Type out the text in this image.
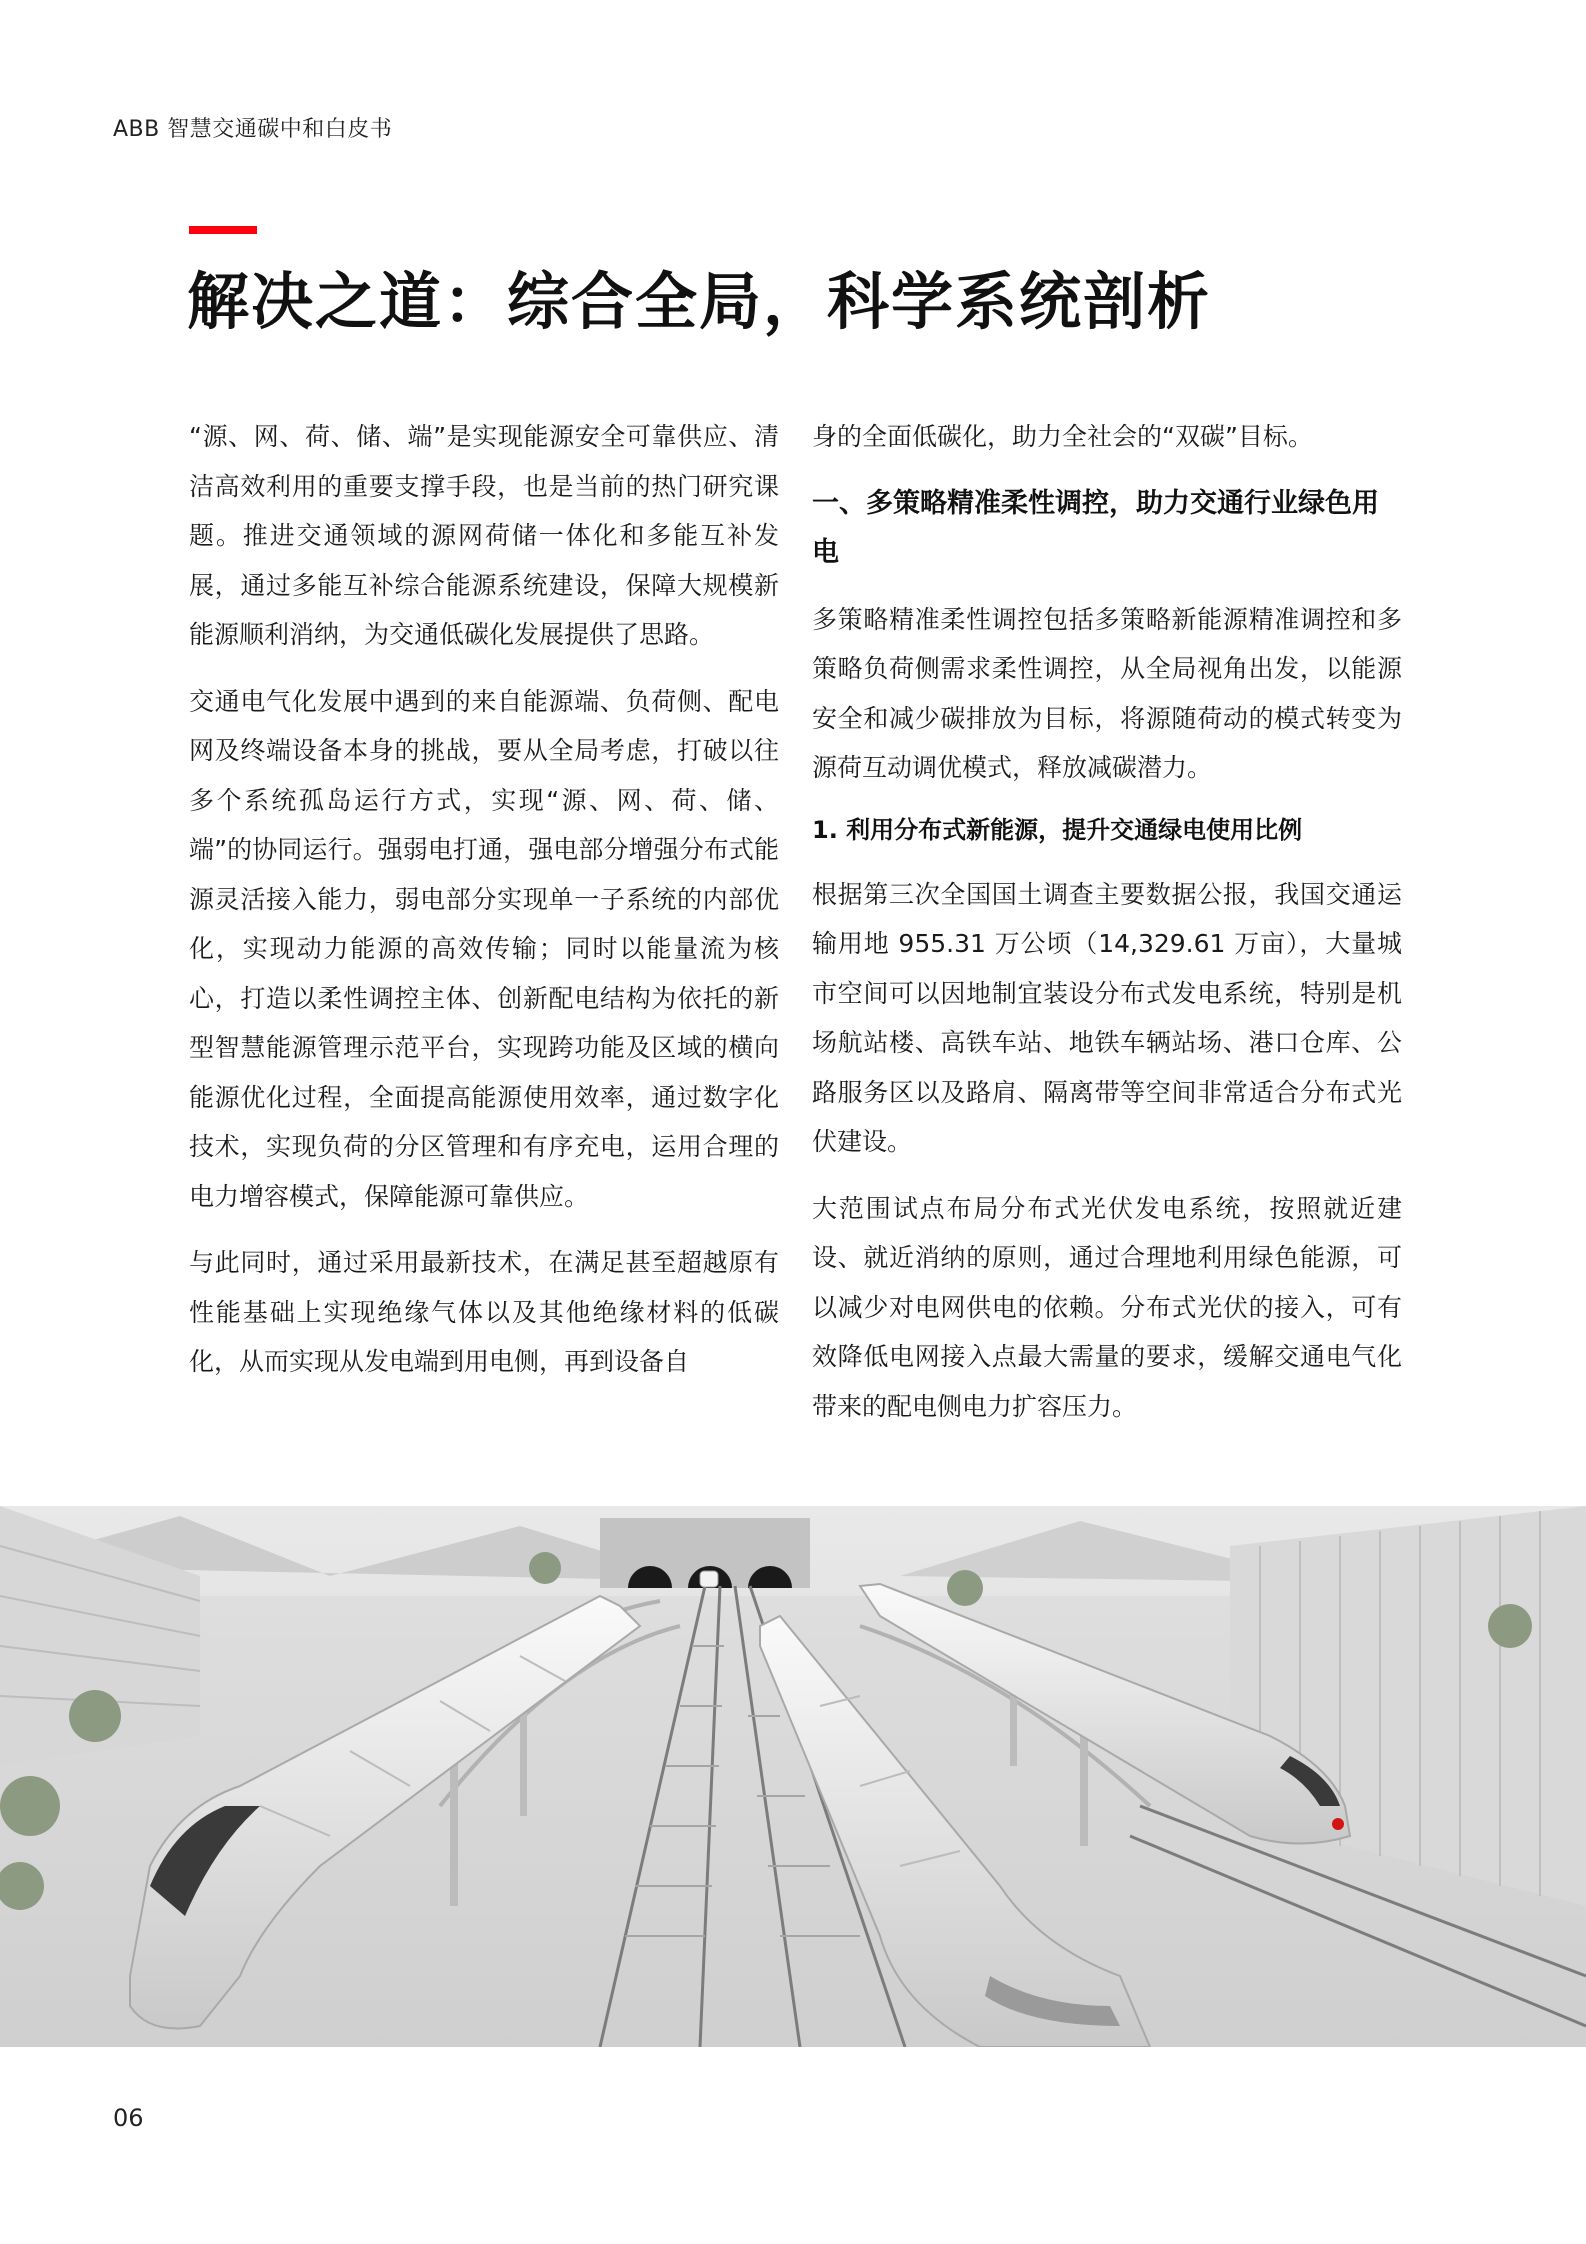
ABB 智慧交通碳中和白皮书
解决之道：综合全局，科学系统剖析

“源、网、荷、储、端”是实现能源安全可靠供应、清洁高效利用的重要支撑手段，也是当前的热门研究课题。推进交通领域的源网荷储一体化和多能互补发展，通过多能互补综合能源系统建设，保障大规模新能源顺利消纳，为交通低碳化发展提供了思路。

交通电气化发展中遇到的来自能源端、负荷侧、配电网及终端设备本身的挑战，要从全局考虑，打破以往多个系统孤岛运行方式，实现“源、网、荷、储、端”的协同运行。强弱电打通，强电部分增强分布式能源灵活接入能力，弱电部分实现单一子系统的内部优化，实现动力能源的高效传输；同时以能量流为核心，打造以柔性调控主体、创新配电结构为依托的新型智慧能源管理示范平台，实现跨功能及区域的横向能源优化过程，全面提高能源使用效率，通过数字化技术，实现负荷的分区管理和有序充电，运用合理的电力增容模式，保障能源可靠供应。

与此同时，通过采用最新技术，在满足甚至超越原有性能基础上实现绝缘气体以及其他绝缘材料的低碳化，从而实现从发电端到用电侧，再到设备自

身的全面低碳化，助力全社会的“双碳”目标。

一、多策略精准柔性调控，助力交通行业绿色用电

多策略精准柔性调控包括多策略新能源精准调控和多策略负荷侧需求柔性调控，从全局视角出发，以能源安全和减少碳排放为目标，将源随荷动的模式转变为源荷互动调优模式，释放减碳潜力。

1. 利用分布式新能源，提升交通绿电使用比例

根据第三次全国国土调查主要数据公报，我国交通运输用地 955.31 万公顷（14,329.61 万亩），大量城市空间可以因地制宜装设分布式发电系统，特别是机场航站楼、高铁车站、地铁车辆站场、港口仓库、公路服务区以及路肩、隔离带等空间非常适合分布式光伏建设。

大范围试点布局分布式光伏发电系统，按照就近建设、就近消纳的原则，通过合理地利用绿色能源，可以减少对电网供电的依赖。分布式光伏的接入，可有效降低电网接入点最大需量的要求，缓解交通电气化带来的配电侧电力扩容压力。

06
